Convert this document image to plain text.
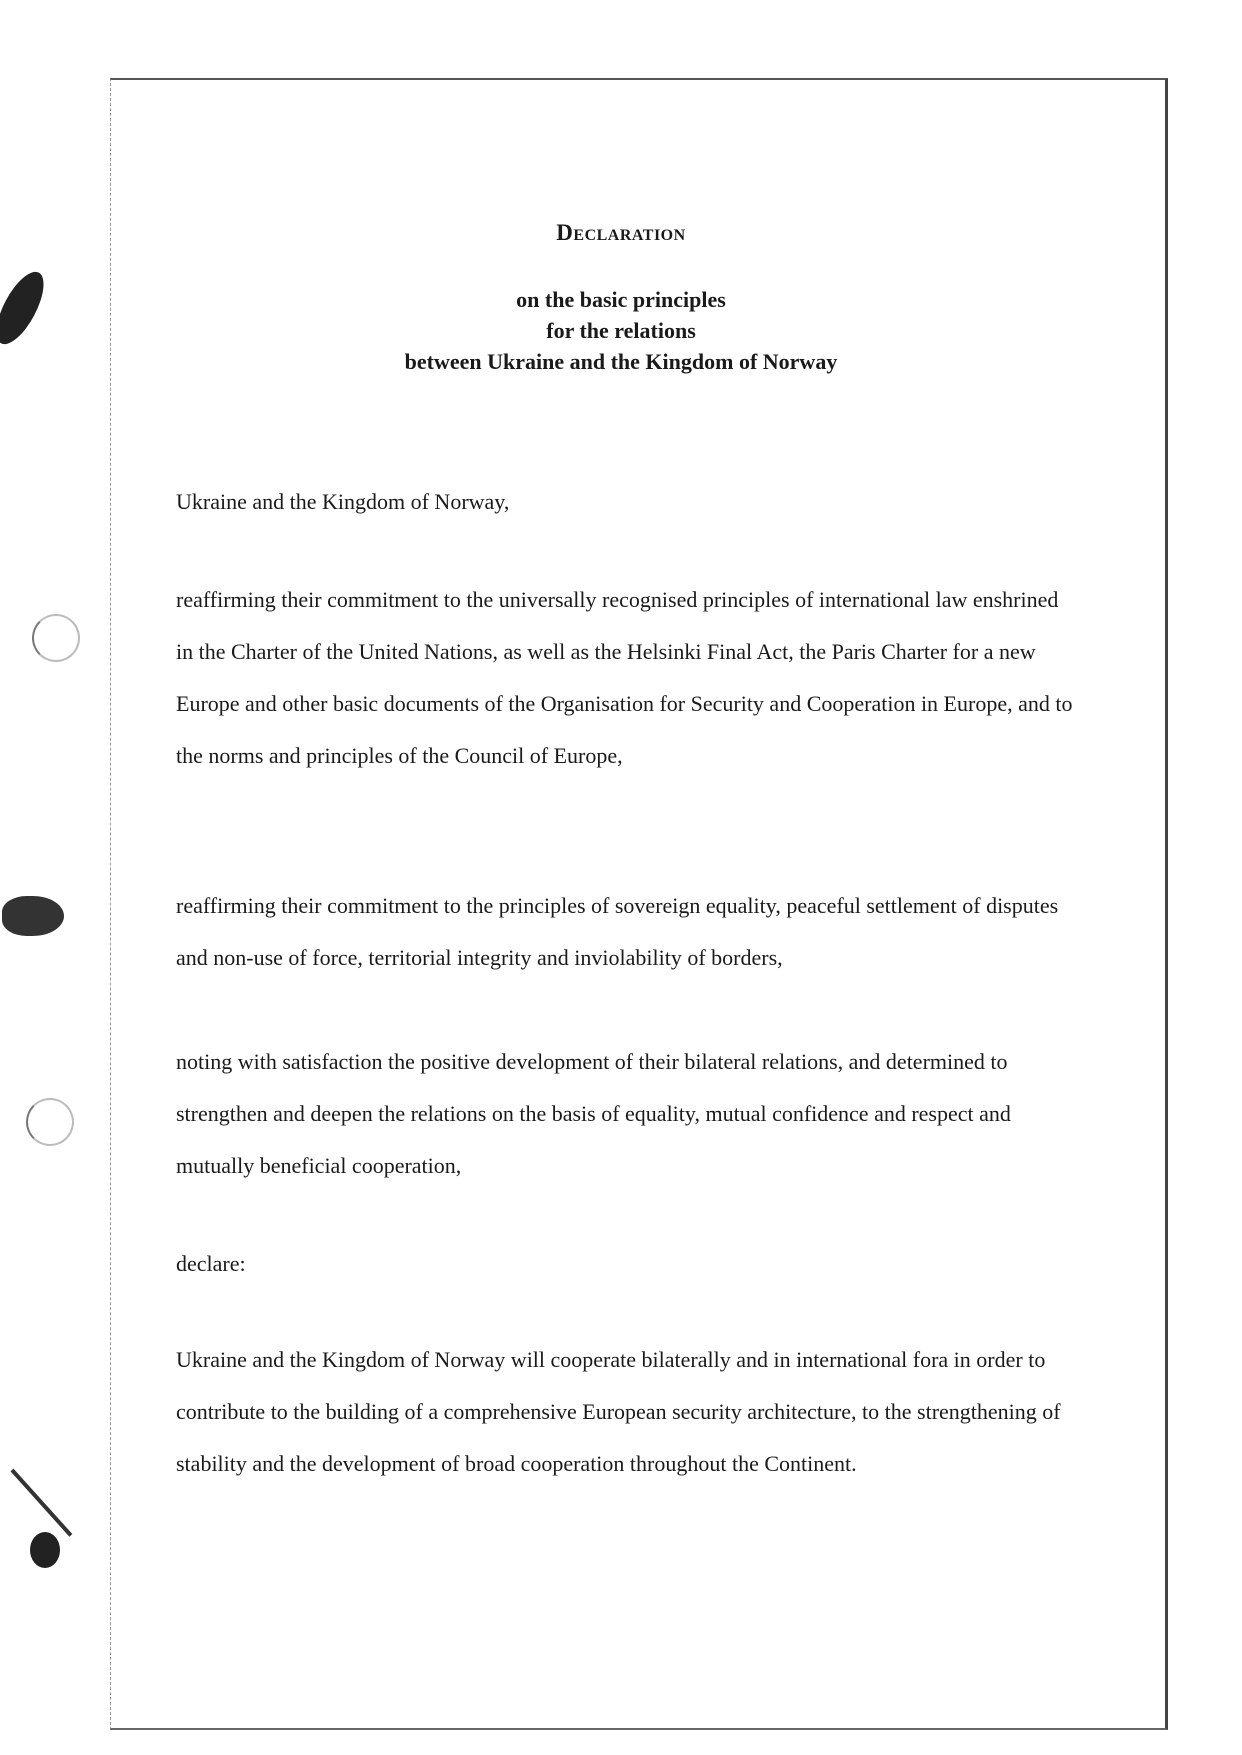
Declaration
on the basic principles
for the relations
between Ukraine and the Kingdom of Norway

Ukraine and the Kingdom of Norway,

reaffirming their commitment to the universally recognised principles of international law enshrined in the Charter of the United Nations, as well as the Helsinki Final Act, the Paris Charter for a new Europe and other basic documents of the Organisation for Security and Cooperation in Europe, and to the norms and principles of the Council of Europe,

reaffirming their commitment to the principles of sovereign equality, peaceful settlement of disputes and non-use of force, territorial integrity and inviolability of borders,

noting with satisfaction the positive development of their bilateral relations, and determined to strengthen and deepen the relations on the basis of equality, mutual confidence and respect and mutually beneficial cooperation,

declare:

Ukraine and the Kingdom of Norway will cooperate bilaterally and in international fora in order to contribute to the building of a comprehensive European security architecture, to the strengthening of stability and the development of broad cooperation throughout the Continent.
